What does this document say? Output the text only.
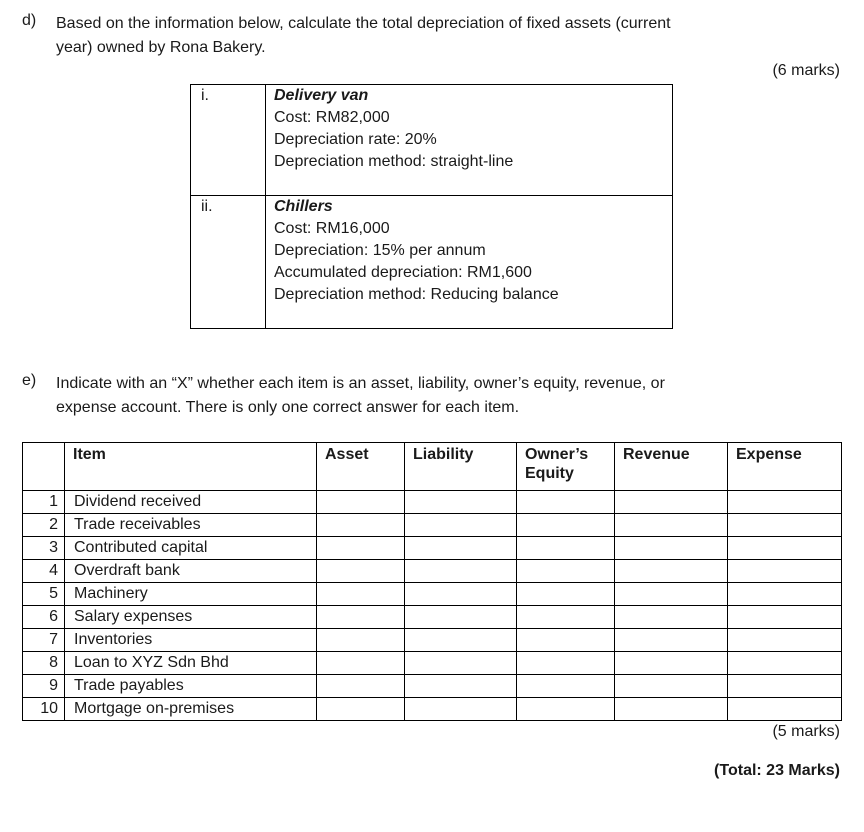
d) Based on the information below, calculate the total depreciation of fixed assets (current
year) owned by Rona Bakery.
(6 marks)
i.	Delivery van
Cost: RM82,000
Depreciation rate: 20%
Depreciation method: straight-line

ii.	Chillers
Cost: RM16,000
Depreciation: 15% per annum
Accumulated depreciation: RM1,600
Depreciation method: Reducing balance
e) Indicate with an “X” whether each item is an asset, liability, owner’s equity, revenue, or
expense account. There is only one correct answer for each item.
	Item	Asset	Liability	Owner’s Equity	Revenue	Expense
1	Dividend received					
2	Trade receivables					
3	Contributed capital					
4	Overdraft bank					
5	Machinery					
6	Salary expenses					
7	Inventories					
8	Loan to XYZ Sdn Bhd					
9	Trade payables					
10	Mortgage on-premises					
(5 marks)
(Total: 23 Marks)
